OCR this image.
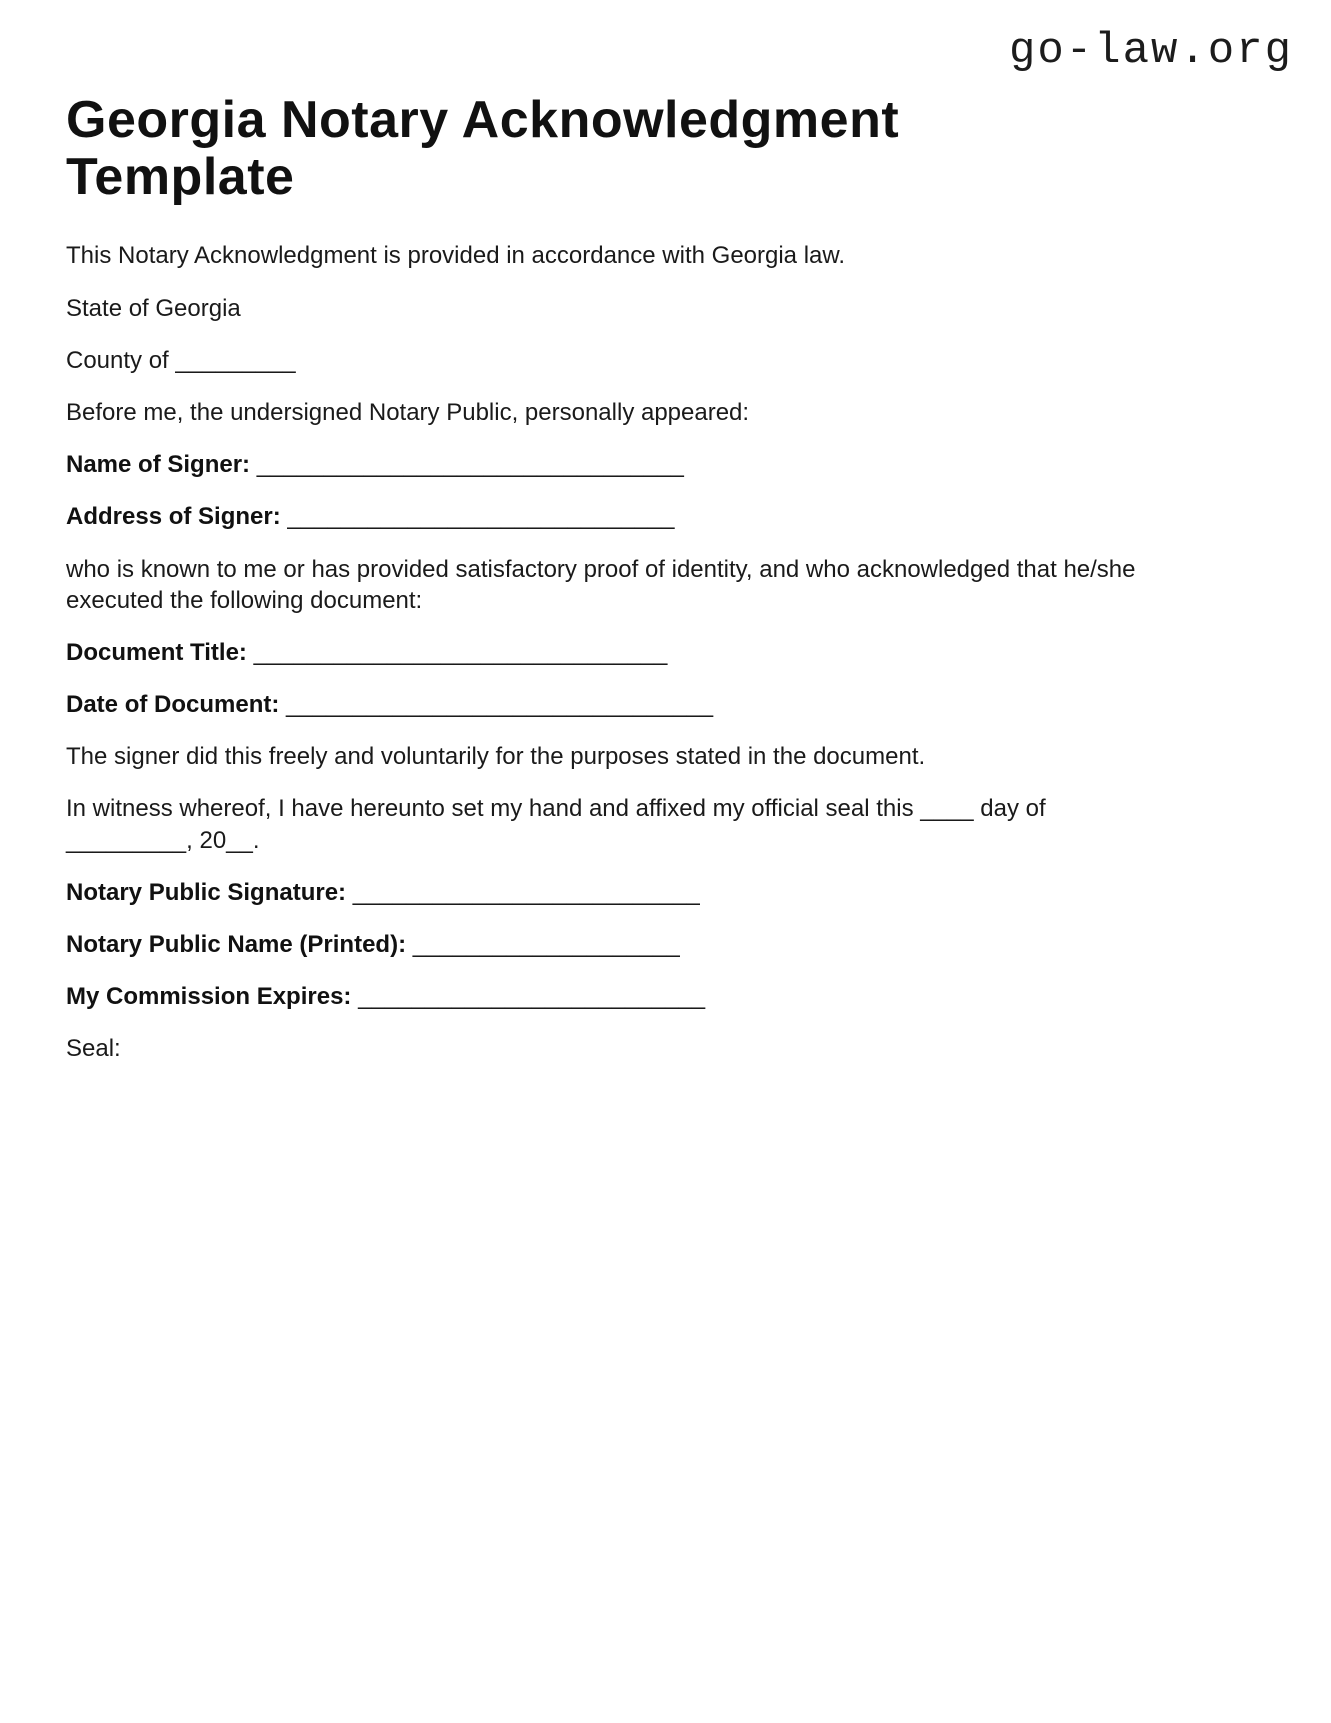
go-law.org
Georgia Notary Acknowledgment Template

This Notary Acknowledgment is provided in accordance with Georgia law.

State of Georgia

County of _________

Before me, the undersigned Notary Public, personally appeared:

Name of Signer: ________________________________

Address of Signer: _____________________________

who is known to me or has provided satisfactory proof of identity, and who acknowledged that he/she executed the following document:

Document Title: _______________________________

Date of Document: ________________________________

The signer did this freely and voluntarily for the purposes stated in the document.

In witness whereof, I have hereunto set my hand and affixed my official seal this ____ day of _________, 20__.

Notary Public Signature: __________________________

Notary Public Name (Printed): ____________________

My Commission Expires: __________________________

Seal:
